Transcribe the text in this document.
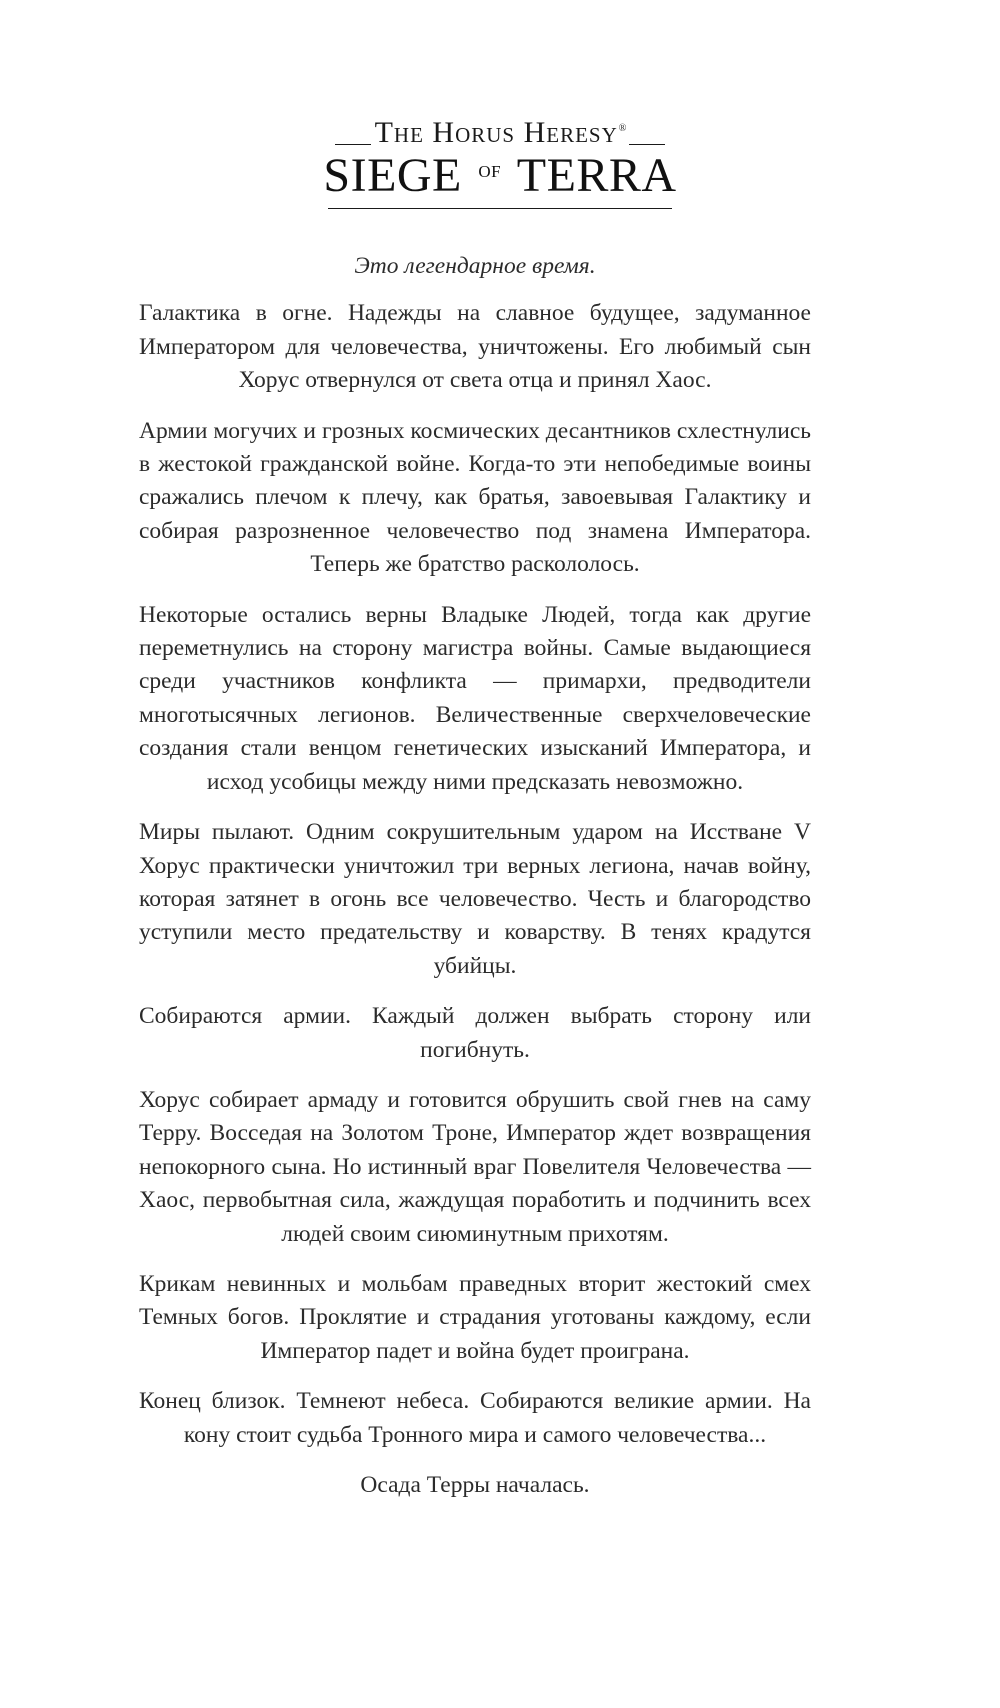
The Horus Heresy ®
SIEGE $^{of}$ TERRA

Это легендарное время.

Галактика в огне. Надежды на славное будущее, задуманное Императором для человечества, уничтожены. Его любимый сын Хорус отвернулся от света отца и принял Хаос.

Армии могучих и грозных космических десантников схлестнулись в жестокой гражданской войне. Когда-то эти непобедимые воины сражались плечом к плечу, как братья, завоевывая Галактику и собирая разрозненное человечество под знамена Императора. Теперь же братство раскололось.

Некоторые остались верны Владыке Людей, тогда как другие переметнулись на сторону магистра войны. Самые выдающиеся среди участников конфликта — примархи, предводители многотысячных легионов. Величественные сверхчеловеческие создания стали венцом генетических изысканий Императора, и исход усобицы между ними предсказать невозможно.

Миры пылают. Одним сокрушительным ударом на Исстване V Хорус практически уничтожил три верных легиона, начав войну, которая затянет в огонь все человечество. Честь и благородство уступили место предательству и коварству. В тенях крадутся убийцы.

Собираются армии. Каждый должен выбрать сторону или погибнуть.

Хорус собирает армаду и готовится обрушить свой гнев на саму Терру. Восседая на Золотом Троне, Император ждет возвращения непокорного сына. Но истинный враг Повелителя Человечества — Хаос, первобытная сила, жаждущая поработить и подчинить всех людей своим сиюминутным прихотям.

Крикам невинных и мольбам праведных вторит жестокий смех Темных богов. Проклятие и страдания уготованы каждому, если Император падет и война будет проиграна.

Конец близок. Темнеют небеса. Собираются великие армии. На кону стоит судьба Тронного мира и самого человечества...

Осада Терры началась.
